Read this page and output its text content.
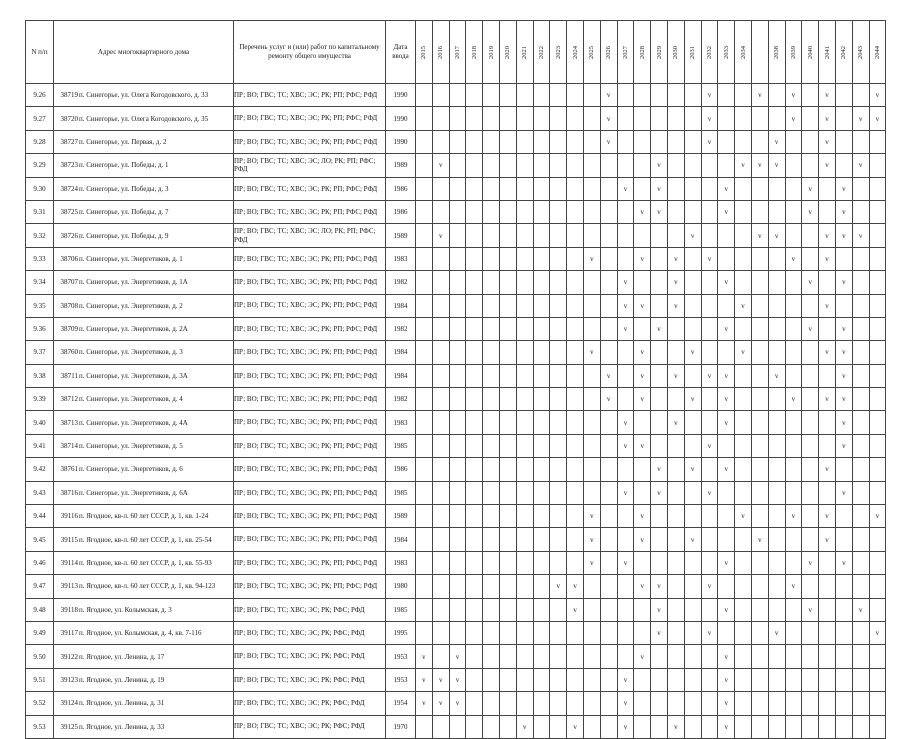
N п/п	Адрес многоквартирного дома	Перечень услуг и (или) работ по капитальному ремонту общего имущества	Дата ввода		2015	2016	2017	2018	2019	2020	2021	2022	2023	2024	2025	2026	2027	2028	2029	2030	2031	2032	2033	2034		2038	2039	2040	2041	2042	2043	2044
9.26	38719п. Синегорье, ул. Олега Когодовского, д. 33	ПР; ВО; ГВС; ТС; ХВС; ЭС; РК; РП; РФС; РФД	1990													v						v			v		v		v			v
9.27	38720п. Синегорье, ул. Олега Когодовского, д. 35	ПР; ВО; ГВС; ТС; ХВС; ЭС; РК; РП; РФС; РФД	1990													v						v					v		v		v	v
9.28	38727п. Синегорье, ул. Первая, д. 2	ПР; ВО; ГВС; ТС; ХВС; ЭС; РК; РП; РФС; РФД	1990													v						v				v			v			
9.29	38723п. Синегорье, ул. Победы, д. 1	ПР; ВО; ГВС; ТС; ХВС; ЭС; ЛО; РК; РП; РФС; РФД	1989			v													v					v	v	v			v		v	
9.30	38724п. Синегорье, ул. Победы, д. 3	ПР; ВО; ГВС; ТС; ХВС; ЭС; РК; РП; РФС; РФД	1986														v		v				v					v		v		
9.31	38725п. Синегорье, ул. Победы, д. 7	ПР; ВО; ГВС; ТС; ХВС; ЭС; РК; РП; РФС; РФД	1986															v	v				v					v		v		
9.32	38726п. Синегорье, ул. Победы, д. 9	ПР; ВО; ГВС; ТС; ХВС; ЭС; ЛО; РК; РП; РФС; РФД	1989			v															v				v	v			v	v	v	
9.33	38706п. Синегорье, ул. Энергетиков, д. 1	ПР; ВО; ГВС; ТС; ХВС; ЭС; РК; РП; РФС; РФД	1983												v			v		v		v					v		v			
9.34	38707п. Синегорье, ул. Энергетиков, д. 1А	ПР; ВО; ГВС; ТС; ХВС; ЭС; РК; РП; РФС; РФД	1982														v			v			v					v		v		
9.35	38708п. Синегорье, ул. Энергетиков, д. 2	ПР; ВО; ГВС; ТС; ХВС; ЭС; РК; РП; РФС; РФД	1984														v	v		v				v					v			
9.36	38709п. Синегорье, ул. Энергетиков, д. 2А	ПР; ВО; ГВС; ТС; ХВС; ЭС; РК; РП; РФС; РФД	1982														v		v				v					v		v		
9.37	38760п. Синегорье, ул. Энергетиков, д. 3	ПР; ВО; ГВС; ТС; ХВС; ЭС; РК; РП; РФС; РФД	1984												v			v			v			v					v	v		
9.38	38711п. Синегорье, ул. Энергетиков, д. 3А	ПР; ВО; ГВС; ТС; ХВС; ЭС; РК; РП; РФС; РФД	1984													v		v		v		v	v			v				v		
9.39	38712п. Синегорье, ул. Энергетиков, д. 4	ПР; ВО; ГВС; ТС; ХВС; ЭС; РК; РП; РФС; РФД	1982													v		v			v		v				v		v	v		
9.40	38713п. Синегорье, ул. Энергетиков, д. 4А	ПР; ВО; ГВС; ТС; ХВС; ЭС; РК; РП; РФС; РФД	1983														v			v			v							v		
9.41	38714п. Синегорье, ул. Энергетиков, д. 5	ПР; ВО; ГВС; ТС; ХВС; ЭС; РК; РП; РФС; РФД	1985														v	v				v								v		
9.42	38761п. Синегорье, ул. Энергетиков, д. 6	ПР; ВО; ГВС; ТС; ХВС; ЭС; РК; РП; РФС; РФД	1986																v		v		v						v			
9.43	38716п. Синегорье, ул. Энергетиков, д. 6А	ПР; ВО; ГВС; ТС; ХВС; ЭС; РК; РП; РФС; РФД	1985														v		v			v								v		
9.44	39116п. Ягодное, кв-л. 60 лет СССР, д. 1, кв. 1-24	ПР; ВО; ГВС; ТС; ХВС; ЭС; РК; РП; РФС; РФД	1989												v			v						v			v		v			v
9.45	39115п. Ягодное, кв-л. 60 лет СССР, д. 1, кв. 25-54	ПР; ВО; ГВС; ТС; ХВС; ЭС; РК; РП; РФС; РФД	1984												v			v			v				v				v			
9.46	39114п. Ягодное, кв-л. 60 лет СССР, д. 1, кв. 55-93	ПР; ВО; ГВС; ТС; ХВС; ЭС; РК; РП; РФС; РФД	1983												v		v						v					v		v		
9.47	39113п. Ягодное, кв-л. 60 лет СССР, д. 1, кв. 94-123	ПР; ВО; ГВС; ТС; ХВС; ЭС; РК; РП; РФС; РФД	1980										v	v				v	v			v					v					
9.48	39118п. Ягодное, ул. Колымская, д. 3	ПР; ВО; ГВС; ТС; ХВС; ЭС; РК; РФС; РФД	1985											v					v				v					v			v	
9.49	39117п. Ягодное, ул. Колымская, д. 4, кв. 7-116	ПР; ВО; ГВС; ТС; ХВС; ЭС; РК; РФС; РФД	1995																v			v				v						v
9.50	39122п. Ягодное, ул. Ленина, д. 17	ПР; ВО; ГВС; ТС; ХВС; ЭС; РК; РФС; РФД	1953		v		v											v					v									
9.51	39123п. Ягодное, ул. Ленина, д. 19	ПР; ВО; ГВС; ТС; ХВС; ЭС; РК; РФС; РФД	1953		v	v	v										v						v									
9.52	39124п. Ягодное, ул. Ленина, д. 31	ПР; ВО; ГВС; ТС; ХВС; ЭС; РК; РФС; РФД	1954		v	v	v										v						v									
9.53	39125п. Ягодное, ул. Ленина, д. 33	ПР; ВО; ГВС; ТС; ХВС; ЭС; РК; РФС; РФД	1970								v			v			v			v			v									
